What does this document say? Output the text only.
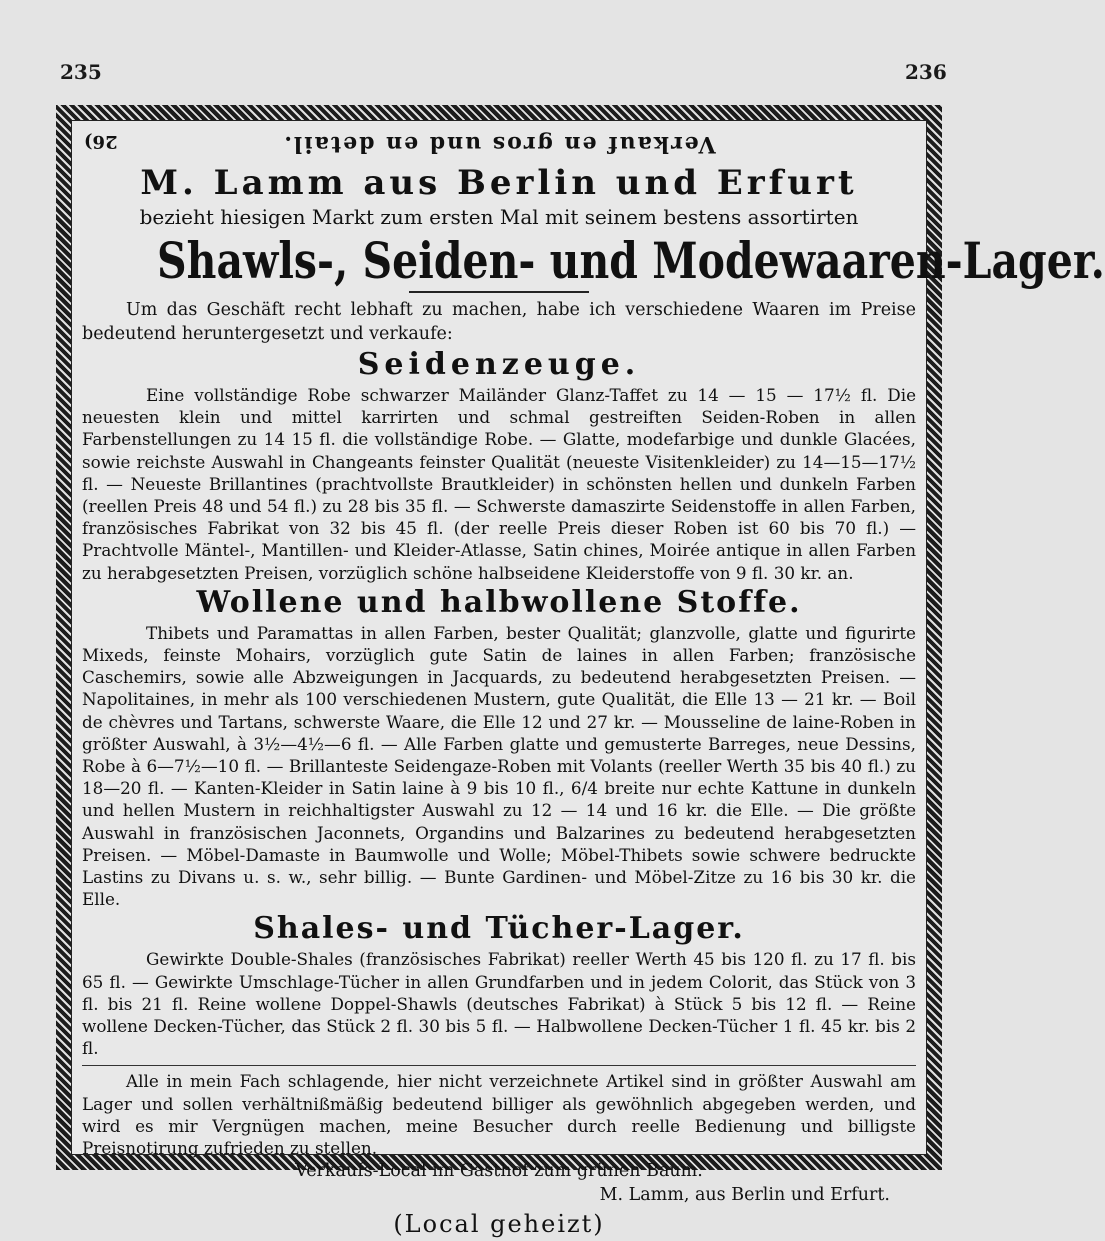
235	236
26)	Verkauf en gros und en detail.
M. Lamm aus Berlin und Erfurt
bezieht hiesigen Markt zum ersten Mal mit seinem bestens assortirten
Shawls-, Seiden- und Modewaaren-Lager.

Um das Geschäft recht lebhaft zu machen, habe ich verschiedene Waaren im Preise bedeutend heruntergesetzt und verkaufe:

Seidenzeuge.

Eine vollständige Robe schwarzer Mailänder Glanz-Taffet zu 14 — 15 — 17½ fl. Die neuesten klein und mittel karrirten und schmal gestreiften Seiden-Roben in allen Farbenstellungen zu 14 15 fl. die vollständige Robe. — Glatte, modefarbige und dunkle Glacées, sowie reichste Auswahl in Changeants feinster Qualität (neueste Visitenkleider) zu 14—15—17½ fl. — Neueste Brillantines (prachtvollste Brautkleider) in schönsten hellen und dunkeln Farben (reellen Preis 48 und 54 fl.) zu 28 bis 35 fl. — Schwerste damaszirte Seidenstoffe in allen Farben, französisches Fabrikat von 32 bis 45 fl. (der reelle Preis dieser Roben ist 60 bis 70 fl.) — Prachtvolle Mäntel-, Mantillen- und Kleider-Atlasse, Satin chines, Moirée antique in allen Farben zu herabgesetzten Preisen, vorzüglich schöne halbseidene Kleiderstoffe von 9 fl. 30 kr. an.

Wollene und halbwollene Stoffe.

Thibets und Paramattas in allen Farben, bester Qualität; glanzvolle, glatte und figurirte Mixeds, feinste Mohairs, vorzüglich gute Satin de laines in allen Farben; französische Caschemirs, sowie alle Abzweigungen in Jacquards, zu bedeutend herabgesetzten Preisen. — Napolitaines, in mehr als 100 verschiedenen Mustern, gute Qualität, die Elle 13 — 21 kr. — Boil de chèvres und Tartans, schwerste Waare, die Elle 12 und 27 kr. — Mousseline de laine-Roben in größter Auswahl, à 3½—4½—6 fl. — Alle Farben glatte und gemusterte Barreges, neue Dessins, Robe à 6—7½—10 fl. — Brillanteste Seidengaze-Roben mit Volants (reeller Werth 35 bis 40 fl.) zu 18—20 fl. — Kanten-Kleider in Satin laine à 9 bis 10 fl., 6/4 breite nur echte Kattune in dunkeln und hellen Mustern in reichhaltigster Auswahl zu 12 — 14 und 16 kr. die Elle. — Die größte Auswahl in französischen Jaconnets, Organdins und Balzarines zu bedeutend herabgesetzten Preisen. — Möbel-Damaste in Baumwolle und Wolle; Möbel-Thibets sowie schwere bedruckte Lastins zu Divans u. s. w., sehr billig. — Bunte Gardinen- und Möbel-Zitze zu 16 bis 30 kr. die Elle.

Shales- und Tücher-Lager.

Gewirkte Double-Shales (französisches Fabrikat) reeller Werth 45 bis 120 fl. zu 17 fl. bis 65 fl. — Gewirkte Umschlage-Tücher in allen Grundfarben und in jedem Colorit, das Stück von 3 fl. bis 21 fl. Reine wollene Doppel-Shawls (deutsches Fabrikat) à Stück 5 bis 12 fl. — Reine wollene Decken-Tücher, das Stück 2 fl. 30 bis 5 fl. — Halbwollene Decken-Tücher 1 fl. 45 kr. bis 2 fl.

Alle in mein Fach schlagende, hier nicht verzeichnete Artikel sind in größter Auswahl am Lager und sollen verhältnißmäßig bedeutend billiger als gewöhnlich abgegeben werden, und wird es mir Vergnügen machen, meine Besucher durch reelle Bedienung und billigste Preisnotirung zufrieden zu stellen.

Verkaufs-Local im Gasthof zum grünen Baum.

M. Lamm, aus Berlin und Erfurt.

(Local geheizt)
